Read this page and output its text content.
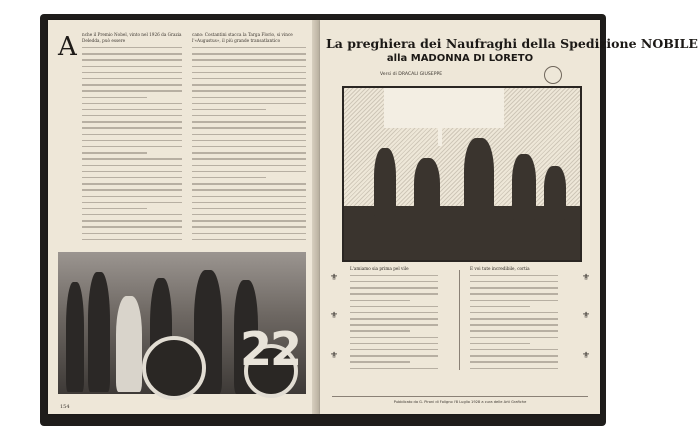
A nche il Premio Nobel, vinto nel 1926 da Grazia Deledda, può essere

cano: Costantini stacca la Targa Florio, si vince l'«Augustus», il più grande transatlantico

22
154
La preghiera dei Naufraghi della Spedizione NOBILE
alla MADONNA DI LORETO
Versi di DRACALI GIUSEPPE
⚜
⚜
⚜
⚜
⚜
⚜

L'amiamo sia prima pel vile	E voi tute incredibile, cortia

Pubblicato da G. Pironi di Foligno l'8 Luglio 1928 a cura delle Arti Grafiche
